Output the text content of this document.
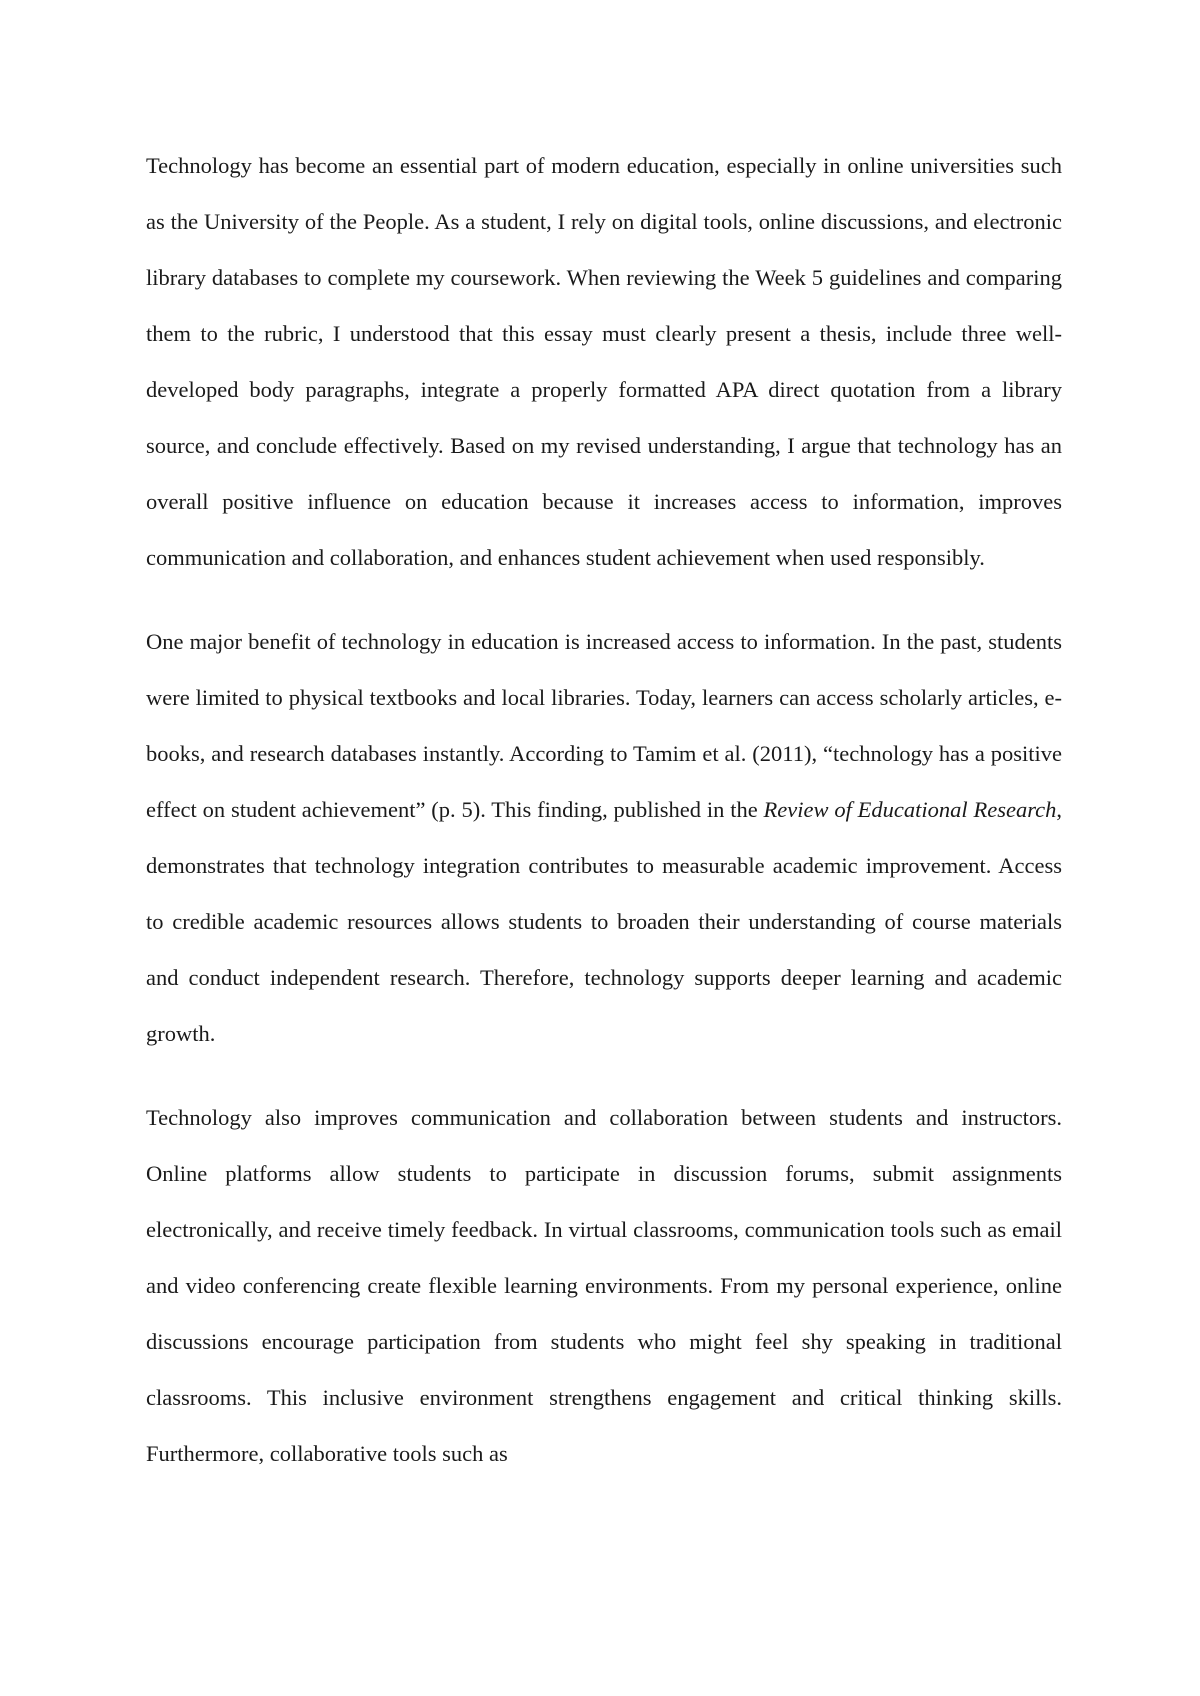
Technology has become an essential part of modern education, especially in online universities such as the University of the People. As a student, I rely on digital tools, online discussions, and electronic library databases to complete my coursework. When reviewing the Week 5 guidelines and comparing them to the rubric, I understood that this essay must clearly present a thesis, include three well-developed body paragraphs, integrate a properly formatted APA direct quotation from a library source, and conclude effectively. Based on my revised understanding, I argue that technology has an overall positive influence on education because it increases access to information, improves communication and collaboration, and enhances student achievement when used responsibly.

One major benefit of technology in education is increased access to information. In the past, students were limited to physical textbooks and local libraries. Today, learners can access scholarly articles, e-books, and research databases instantly. According to Tamim et al. (2011), “technology has a positive effect on student achievement” (p. 5). This finding, published in the Review of Educational Research, demonstrates that technology integration contributes to measurable academic improvement. Access to credible academic resources allows students to broaden their understanding of course materials and conduct independent research. Therefore, technology supports deeper learning and academic growth.

Technology also improves communication and collaboration between students and instructors. Online platforms allow students to participate in discussion forums, submit assignments electronically, and receive timely feedback. In virtual classrooms, communication tools such as email and video conferencing create flexible learning environments. From my personal experience, online discussions encourage participation from students who might feel shy speaking in traditional classrooms. This inclusive environment strengthens engagement and critical thinking skills. Furthermore, collaborative tools such as
